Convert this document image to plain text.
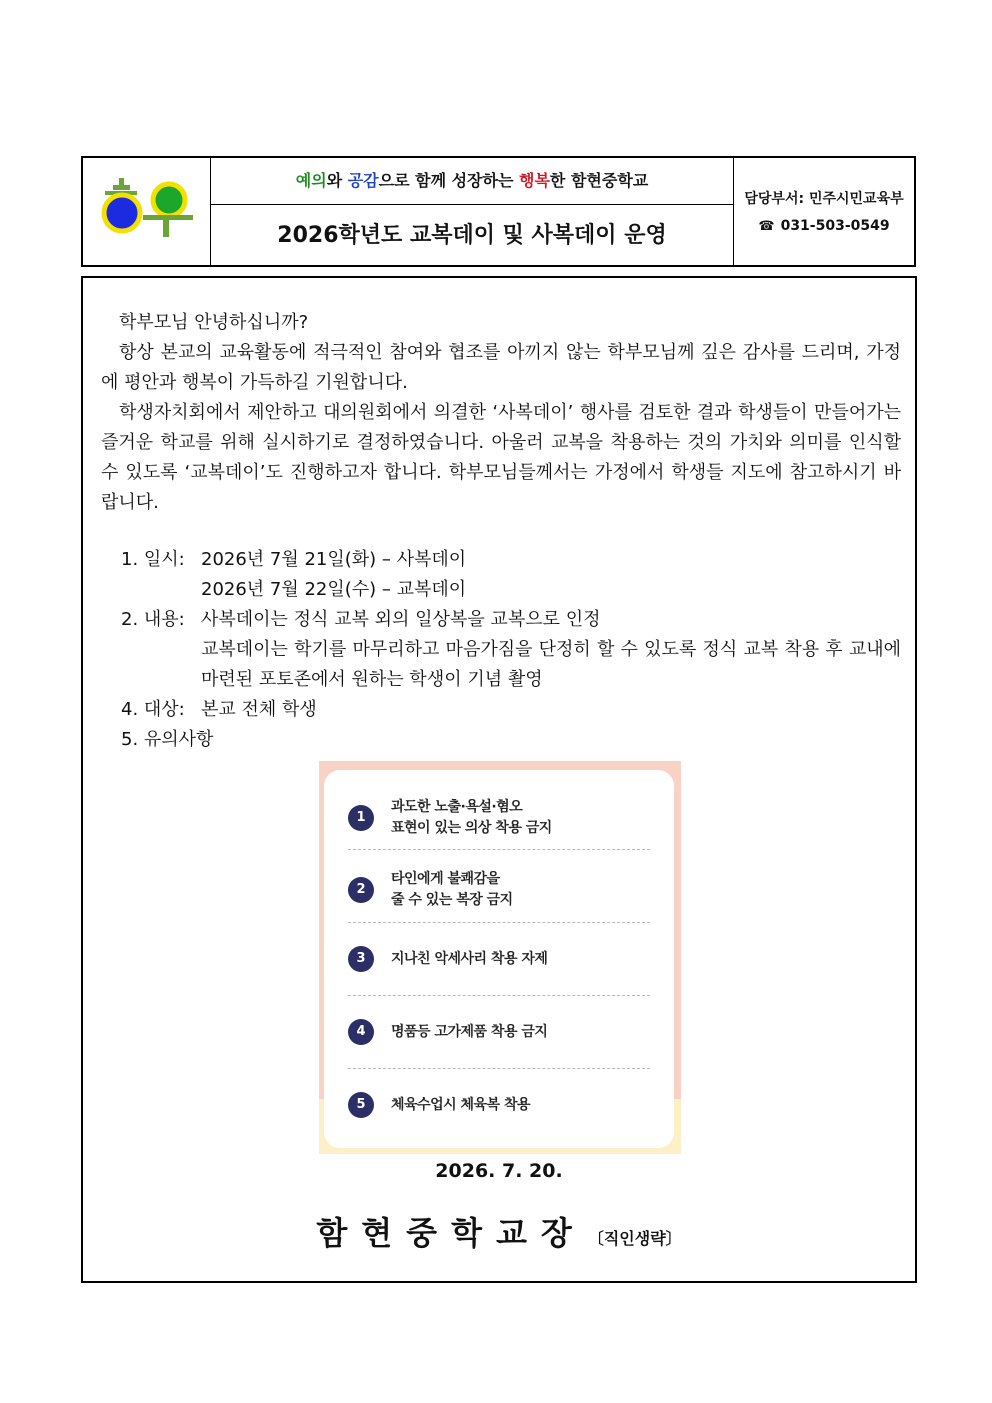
예의와 공감으로 함께 성장하는 행복한 함현중학교
2026학년도 교복데이 및 사복데이 운영
담당부서: 민주시민교육부
☎ 031-503-0549
학부모님 안녕하십니까?
항상 본교의 교육활동에 적극적인 참여와 협조를 아끼지 않는 학부모님께 깊은 감사를 드리며, 가정에 평안과 행복이 가득하길 기원합니다.
학생자치회에서 제안하고 대의원회에서 의결한 ‘사복데이’ 행사를 검토한 결과 학생들이 만들어가는 즐거운 학교를 위해 실시하기로 결정하였습니다. 아울러 교복을 착용하는 것의 가치와 의미를 인식할 수 있도록 ‘교복데이’도 진행하고자 합니다. 학부모님들께서는 가정에서 학생들 지도에 참고하시기 바랍니다.
1. 일시: 2026년 7월 21일(화) – 사복데이
2026년 7월 22일(수) – 교복데이
2. 내용: 사복데이는 정식 교복 외의 일상복을 교복으로 인정
교복데이는 학기를 마무리하고 마음가짐을 단정히 할 수 있도록 정식 교복 착용 후 교내에 마련된 포토존에서 원하는 학생이 기념 촬영
4. 대상: 본교 전체 학생
5. 유의사항
1
과도한 노출·욕설·혐오
표현이 있는 의상 착용 금지
2
타인에게 불쾌감을
줄 수 있는 복장 금지
3	지나친 악세사리 착용 자제
4	명품등 고가제품 착용 금지
5	체육수업시 체육복 착용
2026. 7. 20.
함현중학교장 〔직인생략〕
